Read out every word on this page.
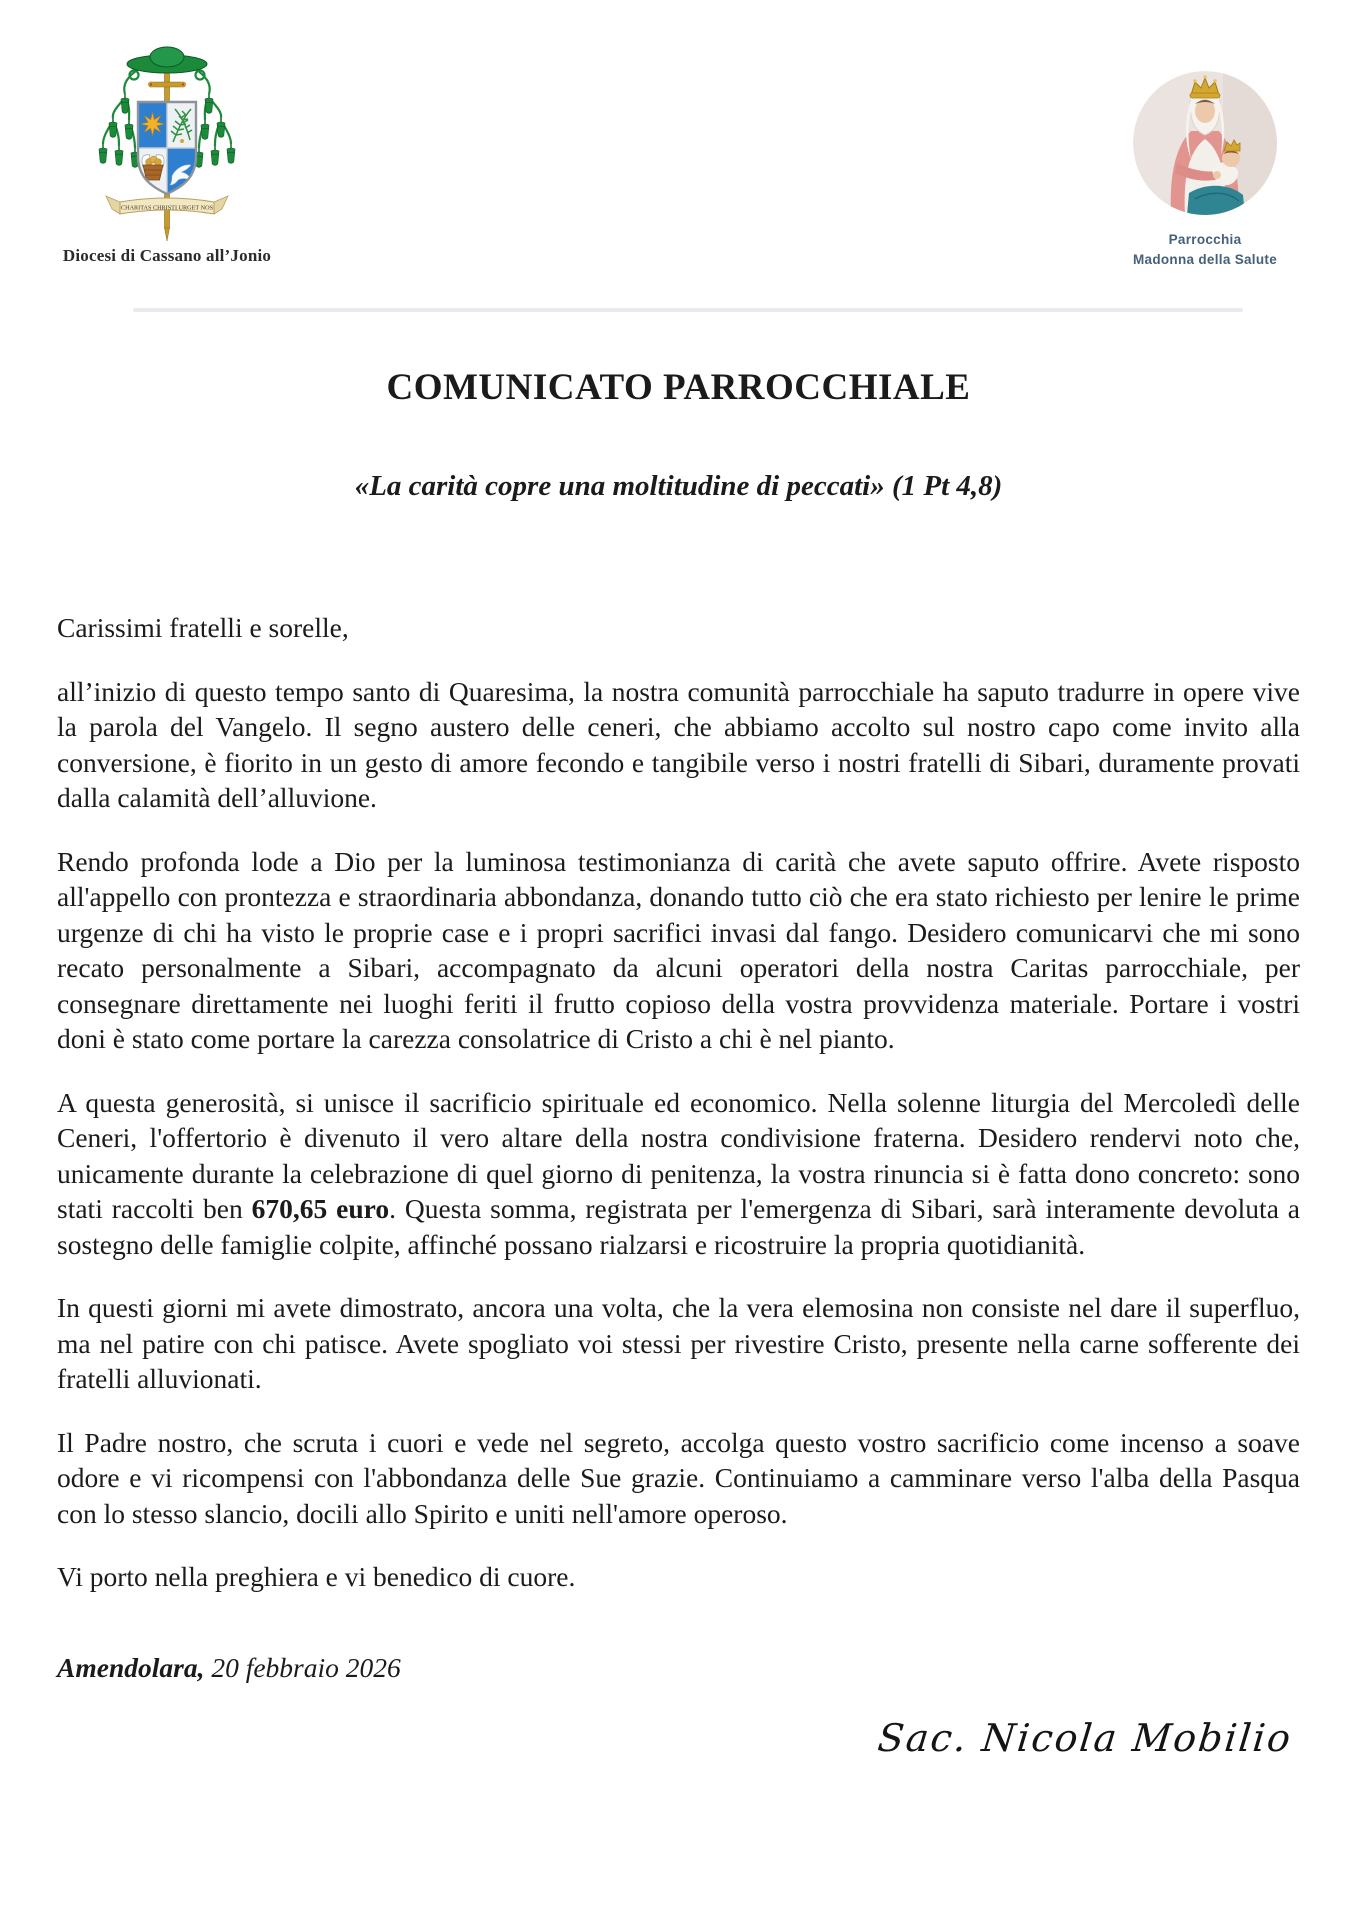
CHARITAS CHRISTI URGET NOS
Diocesi di Cassano all’Jonio
Parrocchia
Madonna della Salute
COMUNICATO PARROCCHIALE
«La carità copre una moltitudine di peccati» (1 Pt 4,8)

Carissimi fratelli e sorelle,

all’inizio di questo tempo santo di Quaresima, la nostra comunità parrocchiale ha saputo tradurre in opere vive la parola del Vangelo. Il segno austero delle ceneri, che abbiamo accolto sul nostro capo come invito alla conversione, è fiorito in un gesto di amore fecondo e tangibile verso i nostri fratelli di Sibari, duramente provati dalla calamità dell’alluvione.

Rendo profonda lode a Dio per la luminosa testimonianza di carità che avete saputo offrire. Avete risposto all'appello con prontezza e straordinaria abbondanza, donando tutto ciò che era stato richiesto per lenire le prime urgenze di chi ha visto le proprie case e i propri sacrifici invasi dal fango. Desidero comunicarvi che mi sono recato personalmente a Sibari, accompagnato da alcuni operatori della nostra Caritas parrocchiale, per consegnare direttamente nei luoghi feriti il frutto copioso della vostra provvidenza materiale. Portare i vostri doni è stato come portare la carezza consolatrice di Cristo a chi è nel pianto.

A questa generosità, si unisce il sacrificio spirituale ed economico. Nella solenne liturgia del Mercoledì delle Ceneri, l'offertorio è divenuto il vero altare della nostra condivisione fraterna. Desidero rendervi noto che, unicamente durante la celebrazione di quel giorno di penitenza, la vostra rinuncia si è fatta dono concreto: sono stati raccolti ben 670,65 euro. Questa somma, registrata per l'emergenza di Sibari, sarà interamente devoluta a sostegno delle famiglie colpite, affinché possano rialzarsi e ricostruire la propria quotidianità.

In questi giorni mi avete dimostrato, ancora una volta, che la vera elemosina non consiste nel dare il superfluo, ma nel patire con chi patisce. Avete spogliato voi stessi per rivestire Cristo, presente nella carne sofferente dei fratelli alluvionati.

Il Padre nostro, che scruta i cuori e vede nel segreto, accolga questo vostro sacrificio come incenso a soave odore e vi ricompensi con l'abbondanza delle Sue grazie. Continuiamo a camminare verso l'alba della Pasqua con lo stesso slancio, docili allo Spirito e uniti nell'amore operoso.

Vi porto nella preghiera e vi benedico di cuore.

Amendolara, 20 febbraio 2026

Sac. Nicola Mobilio
